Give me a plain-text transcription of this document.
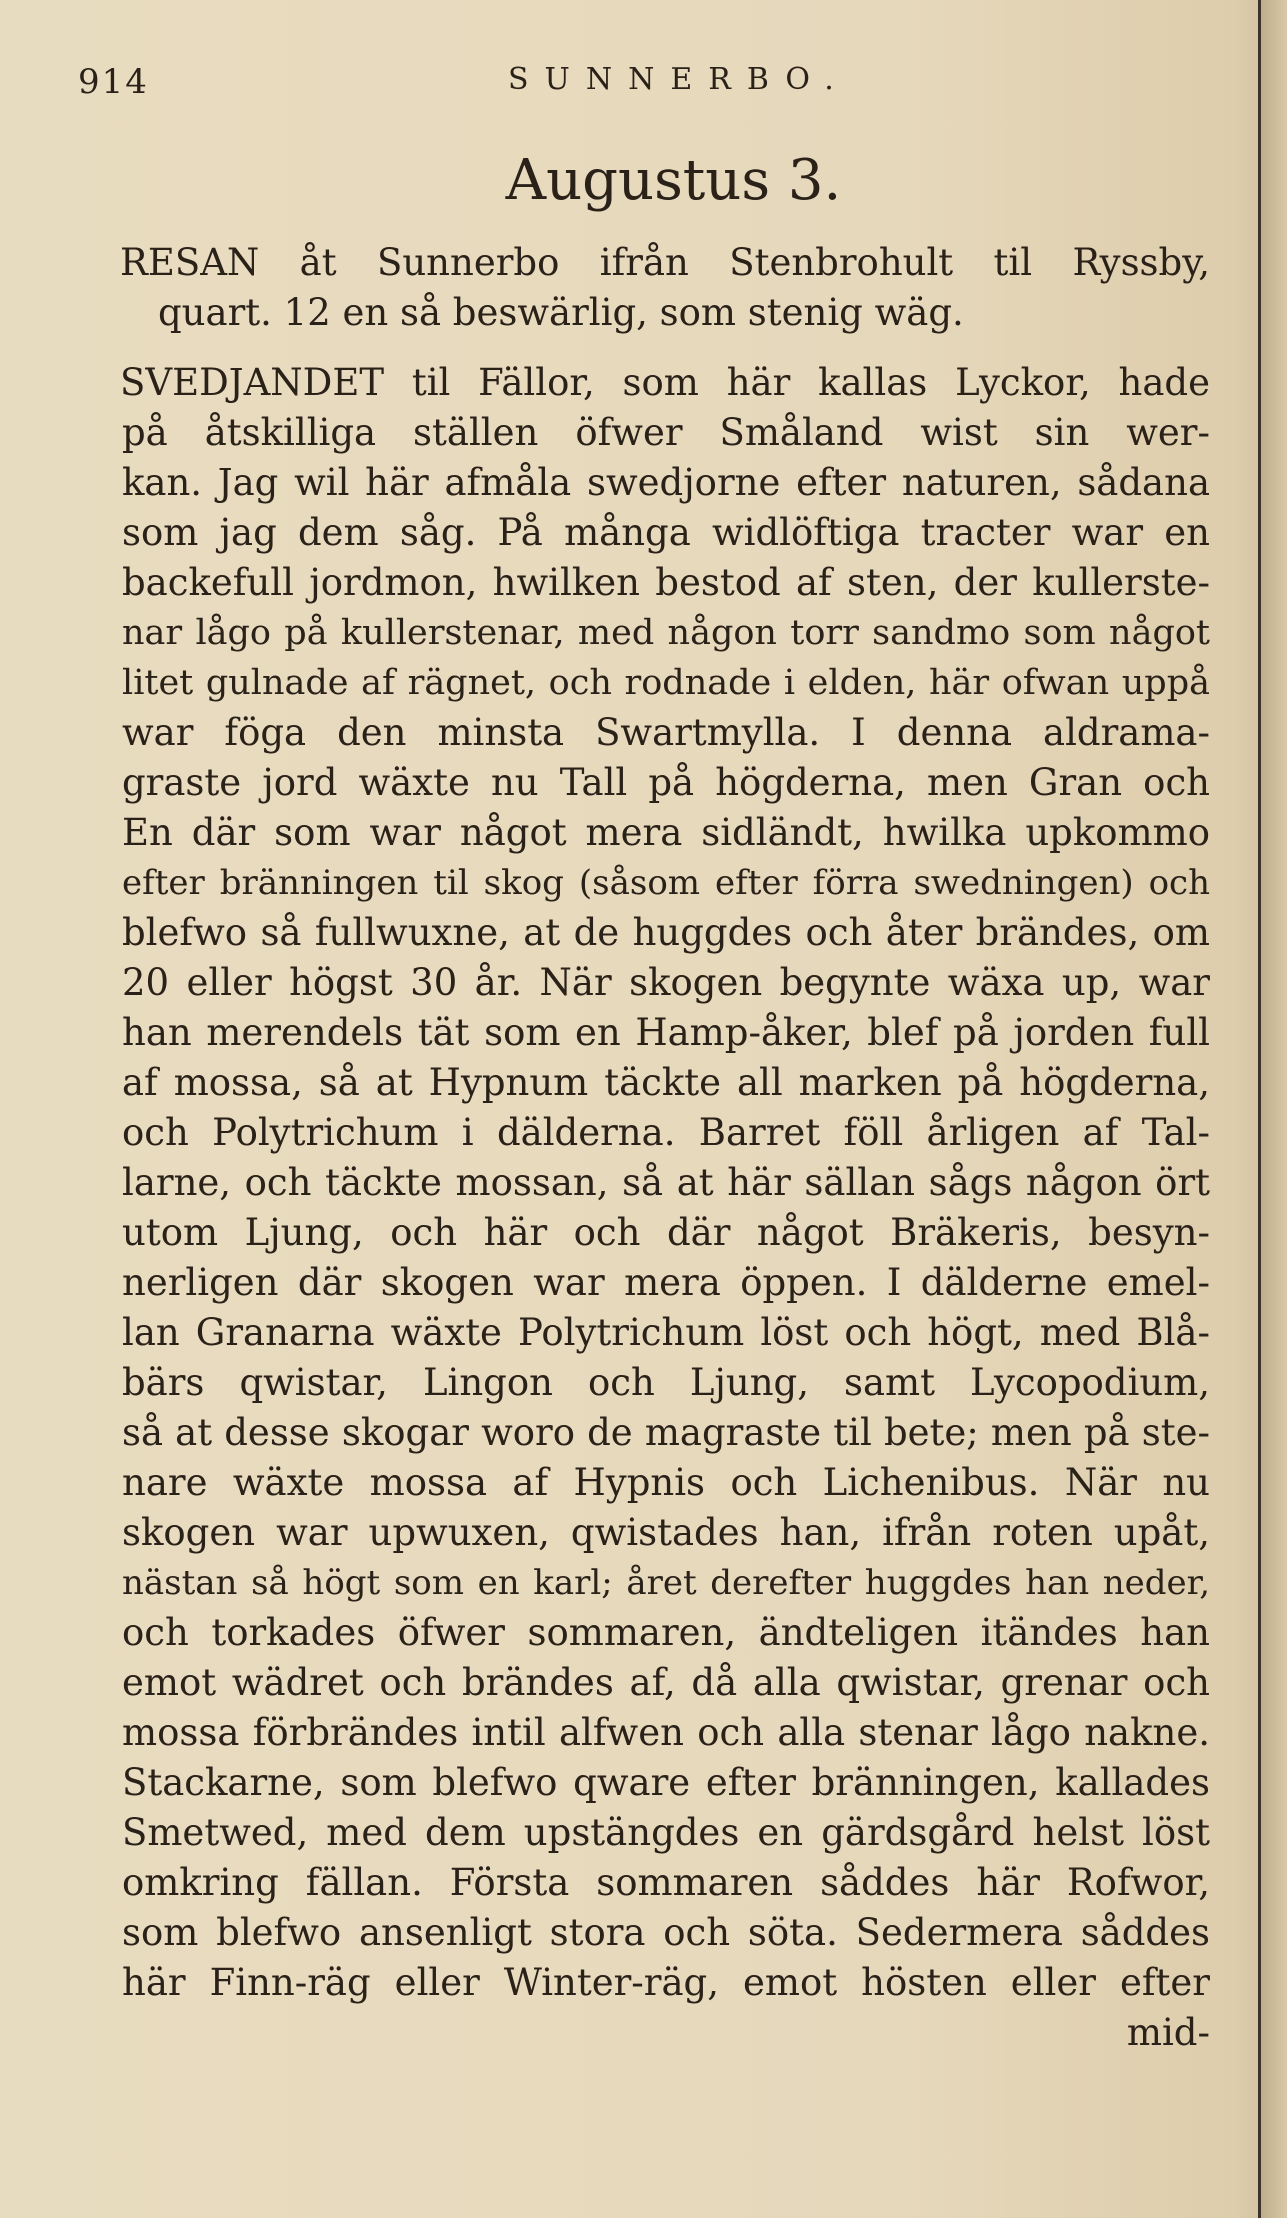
914	SUNNERBO.
Augustus 3.
RESAN åt Sunnerbo ifrån Stenbrohult til Ryssby,
quart. 12 en så beswärlig, som stenig wäg.
SVEDJANDET til Fällor, som här kallas Lyckor, hade
på åtskilliga ställen öfwer Småland wist sin wer-
kan. Jag wil här afmåla swedjorne efter naturen, sådana
som jag dem såg. På många widlöftiga tracter war en
backefull jordmon, hwilken bestod af sten, der kullerste-
nar lågo på kullerstenar, med någon torr sandmo som något
litet gulnade af rägnet, och rodnade i elden, här ofwan uppå
war föga den minsta Swartmylla. I denna aldrama-
graste jord wäxte nu Tall på högderna, men Gran och
En där som war något mera sidländt, hwilka upkommo
efter bränningen til skog (såsom efter förra swedningen) och
blefwo så fullwuxne, at de huggdes och åter brändes, om
20 eller högst 30 år. När skogen begynte wäxa up, war
han merendels tät som en Hamp-åker, blef på jorden full
af mossa, så at Hypnum täckte all marken på högderna,
och Polytrichum i dälderna. Barret föll årligen af Tal-
larne, och täckte mossan, så at här sällan sågs någon ört
utom Ljung, och här och där något Bräkeris, besyn-
nerligen där skogen war mera öppen. I dälderne emel-
lan Granarna wäxte Polytrichum löst och högt, med Blå-
bärs qwistar, Lingon och Ljung, samt Lycopodium,
så at desse skogar woro de magraste til bete; men på ste-
nare wäxte mossa af Hypnis och Lichenibus. När nu
skogen war upwuxen, qwistades han, ifrån roten upåt,
nästan så högt som en karl; året derefter huggdes han neder,
och torkades öfwer sommaren, ändteligen itändes han
emot wädret och brändes af, då alla qwistar, grenar och
mossa förbrändes intil alfwen och alla stenar lågo nakne.
Stackarne, som blefwo qware efter bränningen, kallades
Smetwed, med dem upstängdes en gärdsgård helst löst
omkring fällan. Första sommaren såddes här Rofwor,
som blefwo ansenligt stora och söta. Sedermera såddes
här Finn-räg eller Winter-räg, emot hösten eller efter
mid-
